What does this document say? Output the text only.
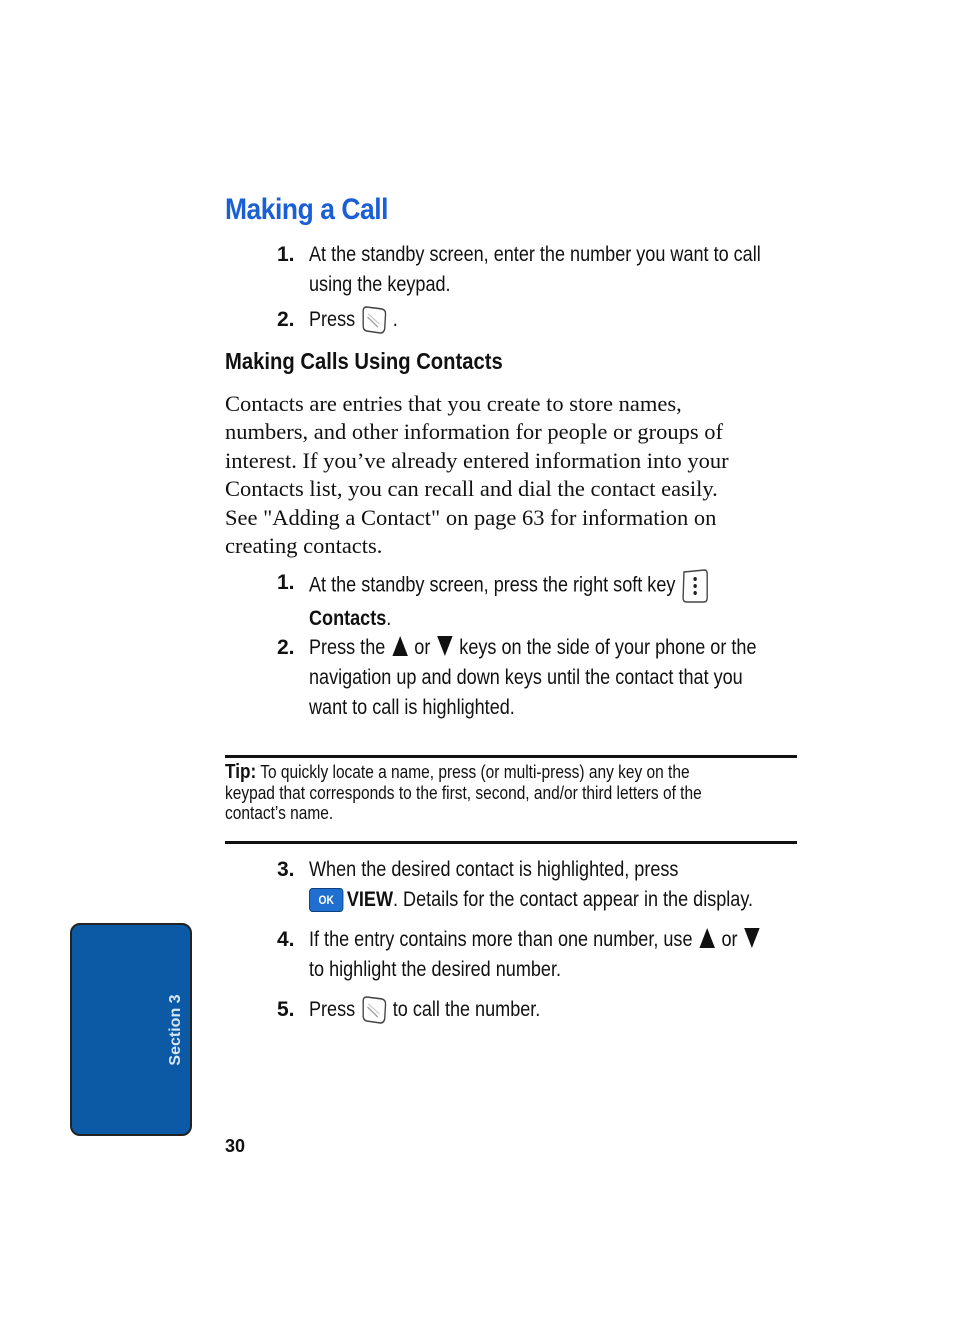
Making a Call
1. At the standby screen, enter the number you want to call
using the keypad.
2. Press .
Making Calls Using Contacts
Contacts are entries that you create to store names,
numbers, and other information for people or groups of
interest. If you’ve already entered information into your
Contacts list, you can recall and dial the contact easily.
See "Adding a Contact" on page 63 for information on
creating contacts.
1. At the standby screen, press the right soft key
Contacts.
2. Press the or keys on the side of your phone or the
navigation up and down keys until the contact that you
want to call is highlighted.
Tip: To quickly locate a name, press (or multi-press) any key on the
keypad that corresponds to the first, second, and/or third letters of the
contact’s name.
3. When the desired contact is highlighted, press
OK VIEW. Details for the contact appear in the display.
4. If the entry contains more than one number, use or
to highlight the desired number.
5. Press to call the number.
Section 3
30
